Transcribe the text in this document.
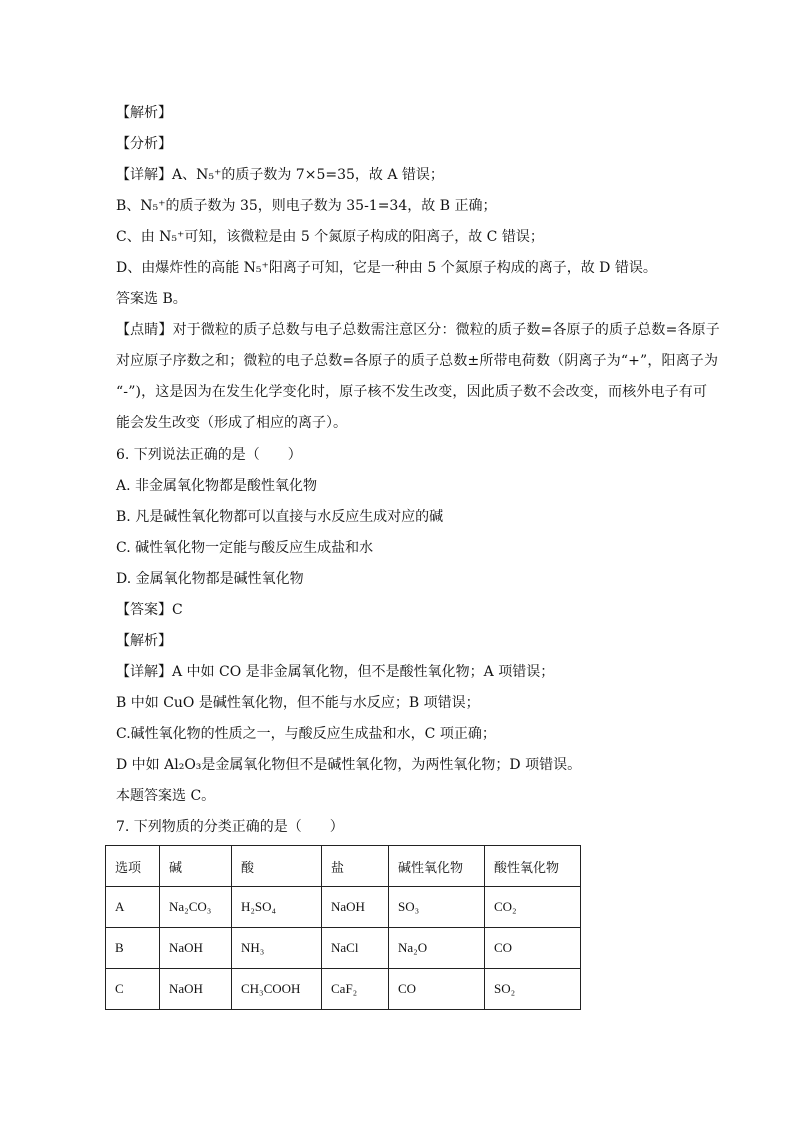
【解析】
【分析】
【详解】A、N₅⁺的质子数为 7×5=35，故 A 错误；
B、N₅⁺的质子数为 35，则电子数为 35-1=34，故 B 正确；
C、由 N₅⁺可知，该微粒是由 5 个氮原子构成的阳离子，故 C 错误；
D、由爆炸性的高能 N₅⁺阳离子可知，它是一种由 5 个氮原子构成的离子，故 D 错误。
答案选 B。
【点睛】对于微粒的质子总数与电子总数需注意区分：微粒的质子数=各原子的质子总数=各原子
对应原子序数之和；微粒的电子总数=各原子的质子总数±所带电荷数（阴离子为“+”，阳离子为
“-”)，这是因为在发生化学变化时，原子核不发生改变，因此质子数不会改变，而核外电子有可
能会发生改变（形成了相应的离子）。
6. 下列说法正确的是（　　）
A. 非金属氧化物都是酸性氧化物
B. 凡是碱性氧化物都可以直接与水反应生成对应的碱
C. 碱性氧化物一定能与酸反应生成盐和水
D. 金属氧化物都是碱性氧化物
【答案】C
【解析】
【详解】A 中如 CO 是非金属氧化物，但不是酸性氧化物；A 项错误；
B 中如 CuO 是碱性氧化物，但不能与水反应；B 项错误；
C.碱性氧化物的性质之一，与酸反应生成盐和水，C 项正确；
D 中如 Al₂O₃是金属氧化物但不是碱性氧化物，为两性氧化物；D 项错误。
本题答案选 C。
7. 下列物质的分类正确的是（　　）
选项	碱	酸	盐	碱性氧化物	酸性氧化物
A	Na₂CO₃	H₂SO₄	NaOH	SO₃	CO₂
B	NaOH	NH₃	NaCl	Na₂O	CO
C	NaOH	CH₃COOH	CaF₂	CO	SO₂
